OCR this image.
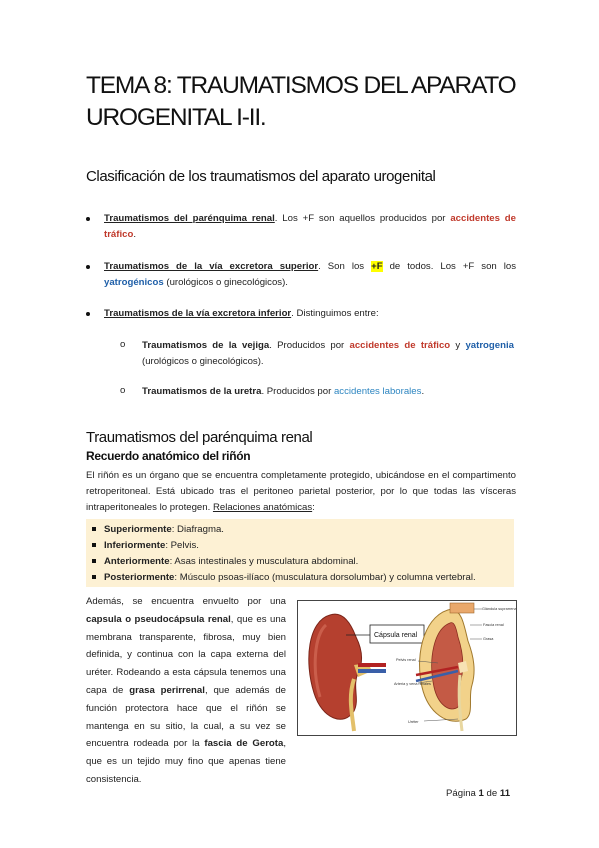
TEMA 8: TRAUMATISMOS DEL APARATO
UROGENITAL I-II.
Clasificación de los traumatismos del aparato urogenital
Traumatismos del parénquima renal. Los +F son aquellos producidos por accidentes de tráfico.
Traumatismos de la vía excretora superior. Son los +F de todos. Los +F son los yatrogénicos (urológicos o ginecológicos).
Traumatismos de la vía excretora inferior. Distinguimos entre:
o Traumatismos de la vejiga. Producidos por accidentes de tráfico y yatrogenia (urológicos o ginecológicos).
o Traumatismos de la uretra. Producidos por accidentes laborales.
Traumatismos del parénquima renal
Recuerdo anatómico del riñón
El riñón es un órgano que se encuentra completamente protegido, ubicándose en el compartimento retroperitoneal. Está ubicado tras el peritoneo parietal posterior, por lo que todas las vísceras intraperitoneales lo protegen. Relaciones anatómicas:
Superiormente: Diafragma.
Inferiormente: Pelvis.
Anteriormente: Asas intestinales y musculatura abdominal.
Posteriormente: Músculo psoas-ilíaco (musculatura dorsolumbar) y columna vertebral.
Además, se encuentra envuelto por una capsula o pseudocápsula renal, que es una membrana transparente, fibrosa, muy bien definida, y continua con la capa externa del uréter. Rodeando a esta cápsula tenemos una capa de grasa perirrenal, que además de función protectora hace que el riñón se mantenga en su sitio, la cual, a su vez se encuentra rodeada por la fascia de Gerota, que es un tejido muy fino que apenas tiene consistencia.
Cápsula renal
Glándula suprarrenal
Fascia renal
Grasa
Pelvis renal
Arteria y vena renales
Uréter
Página 1 de 11
